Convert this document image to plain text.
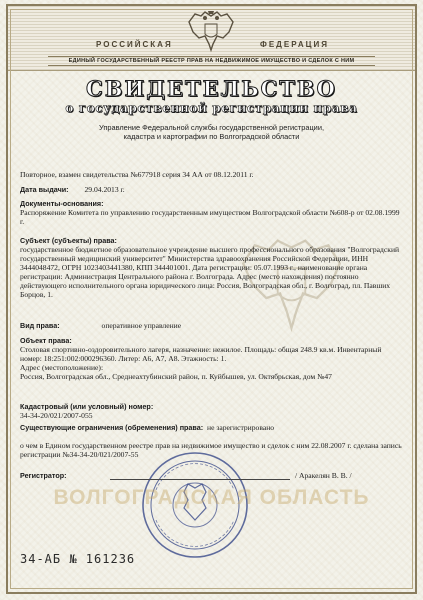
РОССИЙСКАЯ	ФЕДЕРАЦИЯ
ЕДИНЫЙ ГОСУДАРСТВЕННЫЙ РЕЕСТР ПРАВ НА НЕДВИЖИМОЕ ИМУЩЕСТВО И СДЕЛОК С НИМ
СВИДЕТЕЛЬСТВО
о государственной регистрации права
Управление Федеральной службы государственной регистрации,
кадастра и картографии по Волгоградской области
Повторное, взамен свидетельства №677918 серия 34 АА от 08.12.2011 г.
Дата выдачи: 29.04.2013 г.
Документы-основания:
Распоряжение Комитета по управлению государственным имуществом Волгоградской области №608-р от 02.08.1999 г.
Субъект (субъекты) права:
государственное бюджетное образовательное учреждение высшего профессионального образования "Волгоградский государственный медицинский университет" Министерства здравоохранения Российской Федерации, ИНН 3444048472, ОГРН 1023403441380, КПП 344401001. Дата регистрации: 05.07.1993 г., наименование органа регистрации: Администрация Центрального района г. Волгограда. Адрес (место нахождения) постоянно действующего исполнительного органа юридического лица: Россия, Волгоградская обл., г. Волгоград, пл. Павших Борцов, 1.
Вид права:	оперативное управление
Объект права:
Столовая спортивно-оздоровительного лагеря, назначение: нежилое. Площадь: общая 248.9 кв.м. Инвентарный номер: 18:251:002:000296360. Литер: А6, А7, А8. Этажность: 1.
Адрес (местоположение):
Россия, Волгоградская обл., Среднеахтубинский район, п. Куйбышев, ул. Октябрьская, дом №47
Кадастровый (или условный) номер:
34-34-20/021/2007-055
Существующие ограничения (обременения) права: не зарегистрировано
о чем в Едином государственном реестре прав на недвижимое имущество и сделок с ним 22.08.2007 г. сделана запись регистрации №34-34-20/021/2007-55
Регистратор:	/ Аракелян В. В. /
ВОЛГОГРАДСКАЯ ОБЛАСТЬ
34-АБ № 161236
